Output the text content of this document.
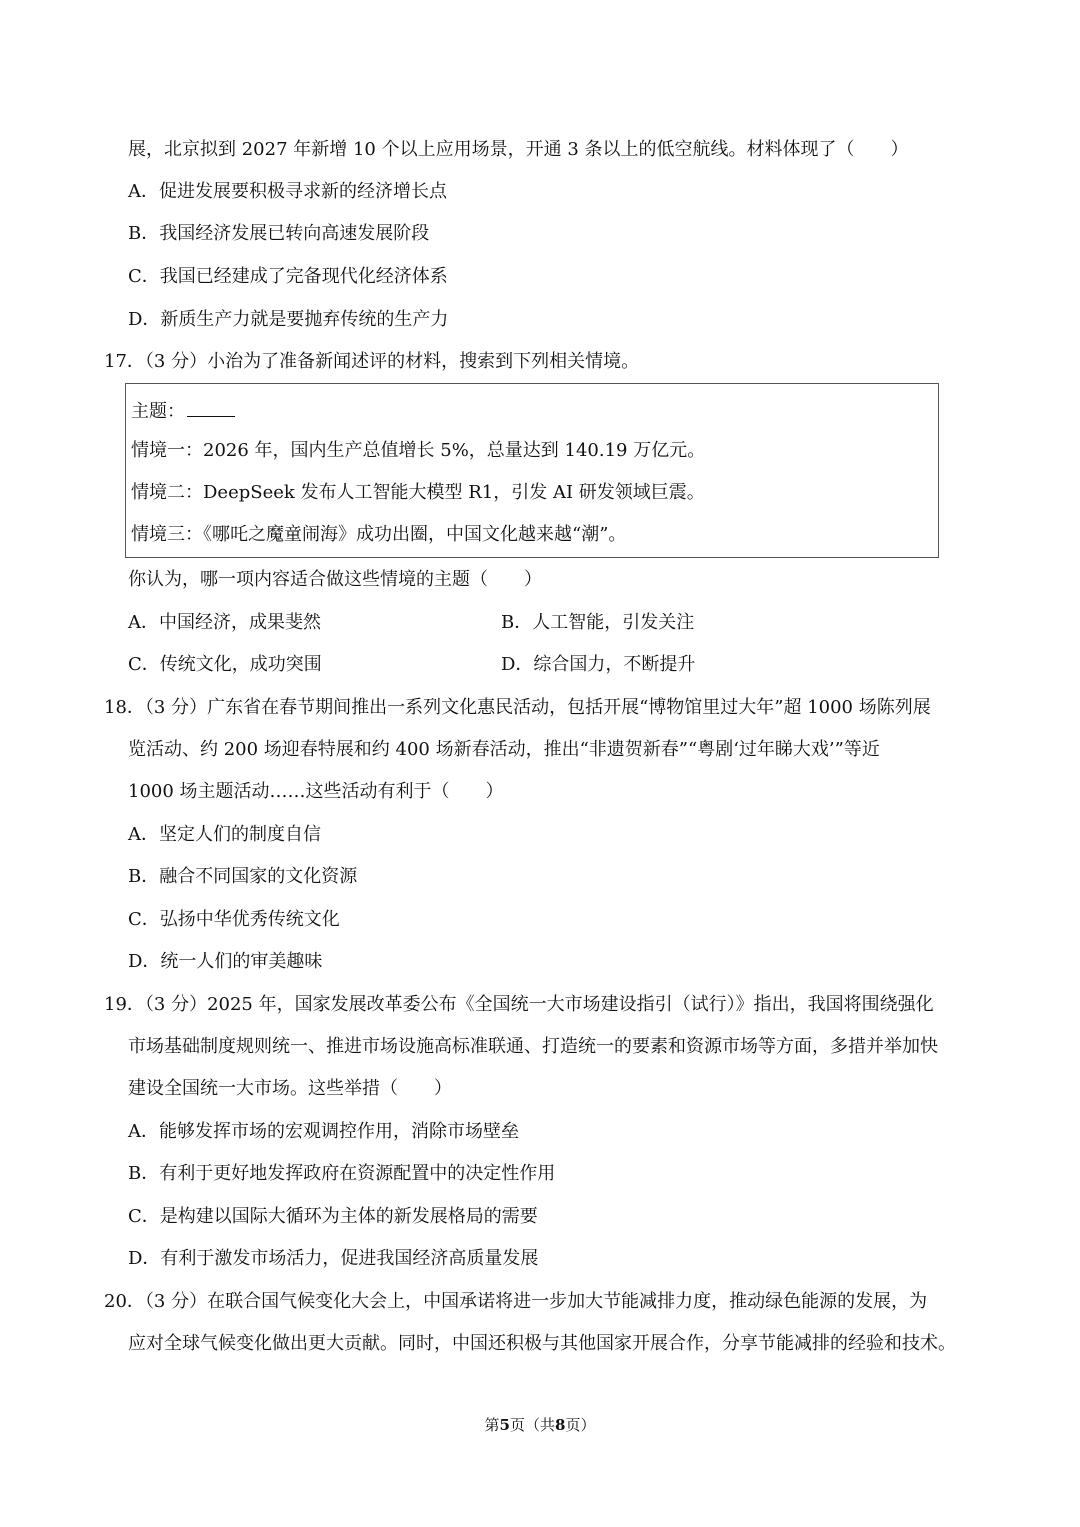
展，北京拟到 2027 年新增 10 个以上应用场景，开通 3 条以上的低空航线。材料体现了（　　）
A．促进发展要积极寻求新的经济增长点
B．我国经济发展已转向高速发展阶段
C．我国已经建成了完备现代化经济体系
D．新质生产力就是要抛弃传统的生产力
17．（3 分）小治为了准备新闻述评的材料，搜索到下列相关情境。
主题：
情境一：2026 年，国内生产总值增长 5%，总量达到 140.19 万亿元。
情境二：DeepSeek 发布人工智能大模型 R1，引发 AI 研发领域巨震。
情境三：《哪吒之魔童闹海》成功出圈，中国文化越来越“潮”。
你认为，哪一项内容适合做这些情境的主题（　　）
A．中国经济，成果斐然	B．人工智能，引发关注
C．传统文化，成功突围	D．综合国力，不断提升
18．（3 分）广东省在春节期间推出一系列文化惠民活动，包括开展“博物馆里过大年”超 1000 场陈列展
览活动、约 200 场迎春特展和约 400 场新春活动，推出“非遗贺新春”“粤剧‘过年睇大戏’”等近
1000 场主题活动……这些活动有利于（　　）
A．坚定人们的制度自信
B．融合不同国家的文化资源
C．弘扬中华优秀传统文化
D．统一人们的审美趣味
19．（3 分）2025 年，国家发展改革委公布《全国统一大市场建设指引（试行）》指出，我国将围绕强化
市场基础制度规则统一、推进市场设施高标准联通、打造统一的要素和资源市场等方面，多措并举加快
建设全国统一大市场。这些举措（　　）
A．能够发挥市场的宏观调控作用，消除市场壁垒
B．有利于更好地发挥政府在资源配置中的决定性作用
C．是构建以国际大循环为主体的新发展格局的需要
D．有利于激发市场活力，促进我国经济高质量发展
20．（3 分）在联合国气候变化大会上，中国承诺将进一步加大节能减排力度，推动绿色能源的发展，为
应对全球气候变化做出更大贡献。同时，中国还积极与其他国家开展合作，分享节能减排的经验和技术。
第5页（共8页）
